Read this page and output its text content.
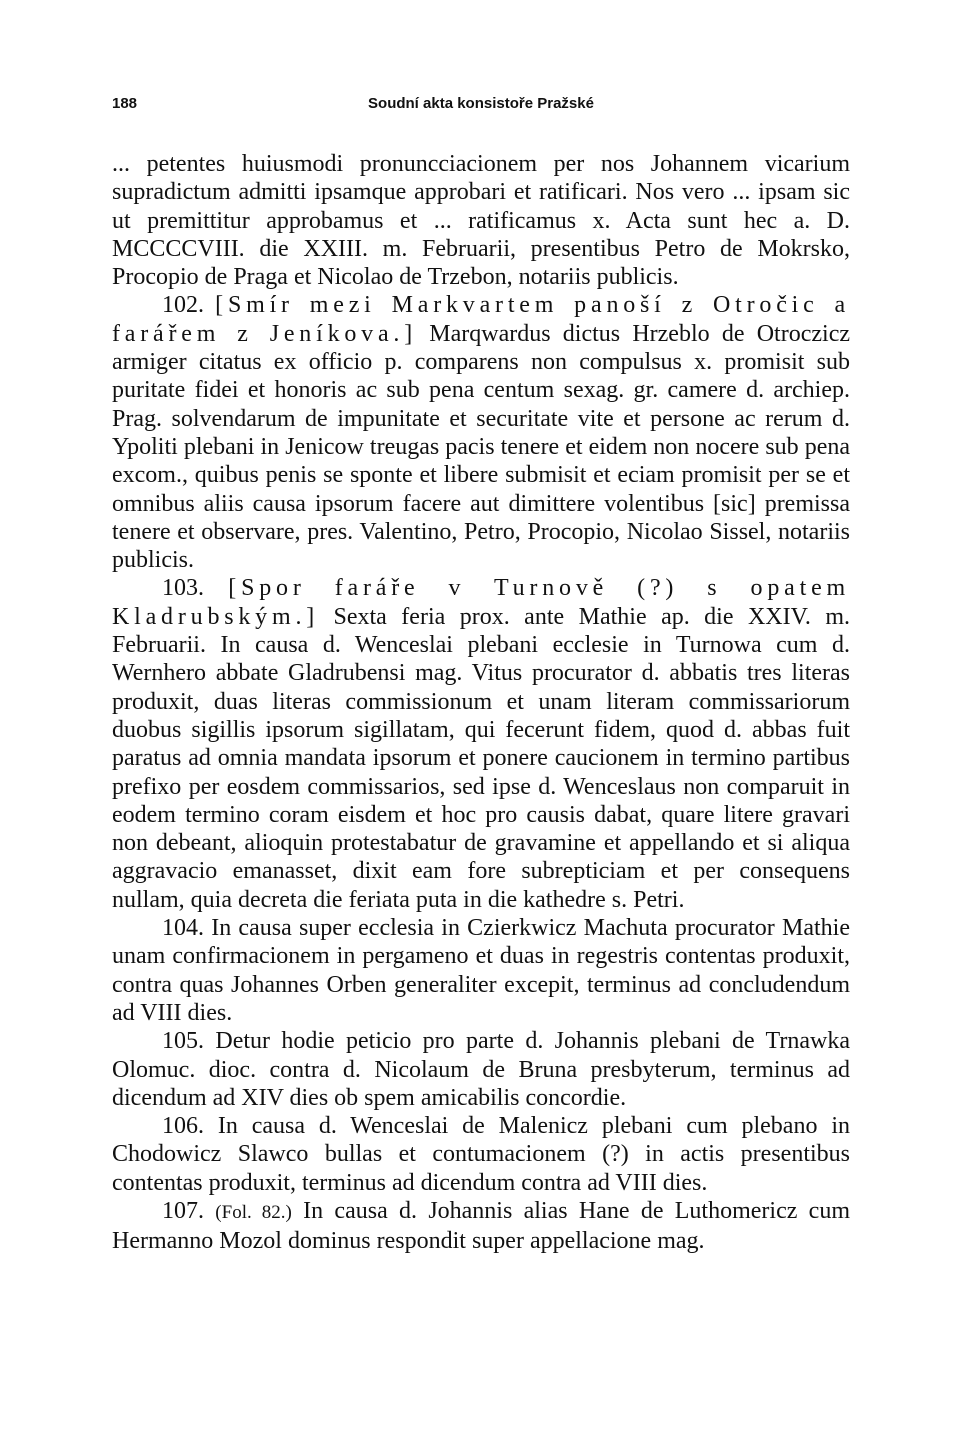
188	Soudní akta konsistoře Pražské

... petentes huiusmodi pronuncciacionem per nos Johannem vicarium supradictum admitti ipsamque approbari et ratificari. Nos vero ... ipsam sic ut premittitur approbamus et ... ratificamus x. Acta sunt hec a. D. MCCCCVIII. die XXIII. m. Februarii, presentibus Petro de Mokrsko, Procopio de Praga et Nicolao de Trzebon, notariis publicis.

102. [Smír mezi Markvartem panoší z Otročic a farářem z Jeníkova.] Marqwardus dictus Hrzeblo de Otroczicz armiger citatus ex officio p. comparens non compulsus x. promisit sub puritate fidei et honoris ac sub pena centum sexag. gr. camere d. archiep. Prag. solvendarum de impunitate et securitate vite et persone ac rerum d. Ypoliti plebani in Jenicow treugas pacis tenere et eidem non nocere sub pena excom., quibus penis se sponte et libere submisit et eciam promisit per se et omnibus aliis causa ipsorum facere aut dimittere volentibus [sic] premissa tenere et observare, pres. Valentino, Petro, Procopio, Nicolao Sissel, notariis publicis.

103. [Spor faráře v Turnově (?) s opatem Kladrubským.] Sexta feria prox. ante Mathie ap. die XXIV. m. Februarii. In causa d. Wenceslai plebani ecclesie in Turnowa cum d. Wernhero abbate Gladrubensi mag. Vitus procurator d. abbatis tres literas produxit, duas literas commissionum et unam literam commissariorum duobus sigillis ipsorum sigillatam, qui fecerunt fidem, quod d. abbas fuit paratus ad omnia mandata ipsorum et ponere caucionem in termino partibus prefixo per eosdem commissarios, sed ipse d. Wenceslaus non comparuit in eodem termino coram eisdem et hoc pro causis dabat, quare litere gravari non debeant, alioquin protestabatur de gravamine et appellando et si aliqua aggravacio emanasset, dixit eam fore subrepticiam et per consequens nullam, quia decreta die feriata puta in die kathedre s. Petri.

104. In causa super ecclesia in Czierkwicz Machuta procurator Mathie unam confirmacionem in pergameno et duas in regestris contentas produxit, contra quas Johannes Orben generaliter excepit, terminus ad concludendum ad VIII dies.

105. Detur hodie peticio pro parte d. Johannis plebani de Trnawka Olomuc. dioc. contra d. Nicolaum de Bruna presbyterum, terminus ad dicendum ad XIV dies ob spem amicabilis concordie.

106. In causa d. Wenceslai de Malenicz plebani cum plebano in Chodowicz Slawco bullas et contumacionem (?) in actis presentibus contentas produxit, terminus ad dicendum contra ad VIII dies.

107. (Fol. 82.) In causa d. Johannis alias Hane de Luthomericz cum Hermanno Mozol dominus respondit super appellacione mag.
